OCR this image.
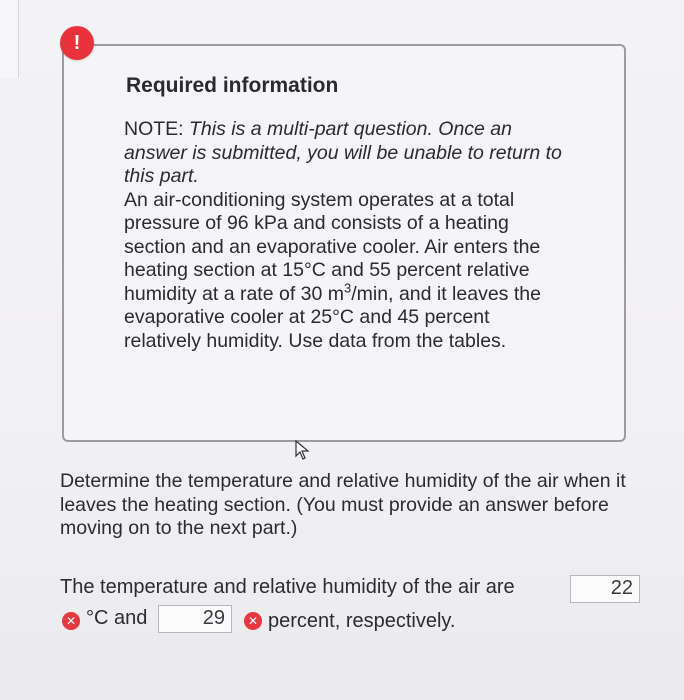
!
Required information
NOTE: This is a multi-part question. Once an answer is submitted, you will be unable to return to this part.
An air-conditioning system operates at a total pressure of 96 kPa and consists of a heating section and an evaporative cooler. Air enters the heating section at 15°C and 55 percent relative humidity at a rate of 30 $m^3/\min$, and it leaves the evaporative cooler at 25°C and 45 percent
relatively humidity. Use data from the tables.
Determine the temperature and relative humidity of the air when it leaves the heating section. (You must provide an answer before moving on to the next part.)
The temperature and relative humidity of the air are	22
✕ °C and	29	✕ percent, respectively.
